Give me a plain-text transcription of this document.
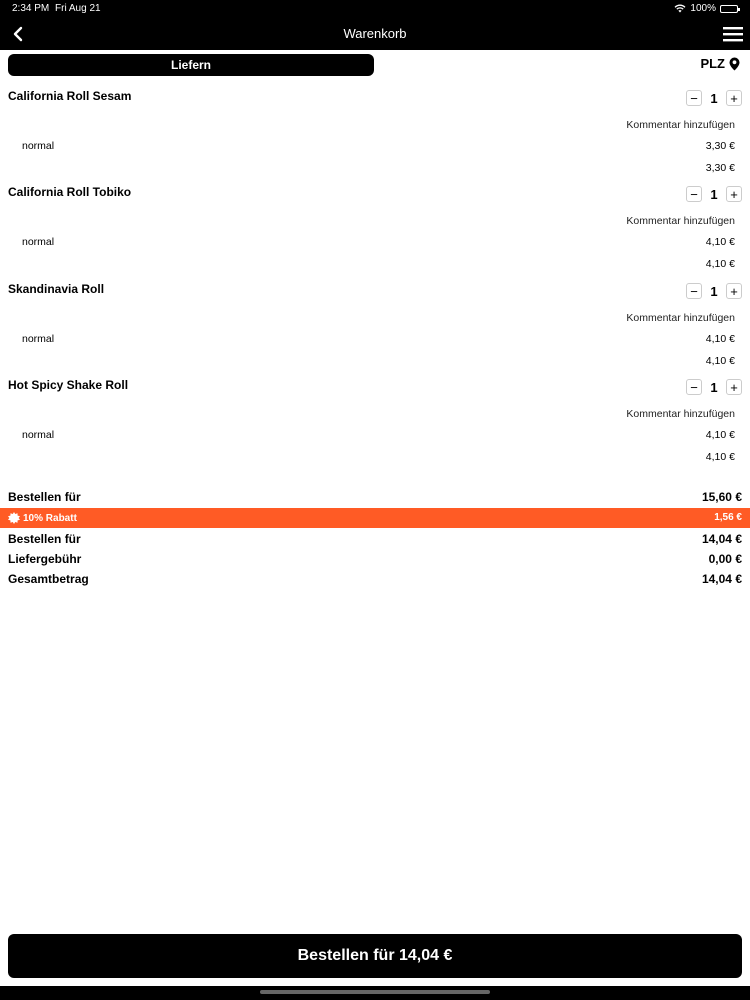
2:34 PM Fri Aug 21	100%
Warenkorb
Liefern	PLZ
California Roll Sesam	− 1 +
Kommentar hinzufügen
normal	3,30 €
3,30 €
California Roll Tobiko	− 1 +
Kommentar hinzufügen
normal	4,10 €
4,10 €
Skandinavia Roll	− 1 +
Kommentar hinzufügen
normal	4,10 €
4,10 €
Hot Spicy Shake Roll	− 1 +
Kommentar hinzufügen
normal	4,10 €
4,10 €
Bestellen für	15,60 €
10% Rabatt	1,56 €
Bestellen für	14,04 €
Liefergebühr	0,00 €
Gesamtbetrag	14,04 €
Bestellen für 14,04 €
